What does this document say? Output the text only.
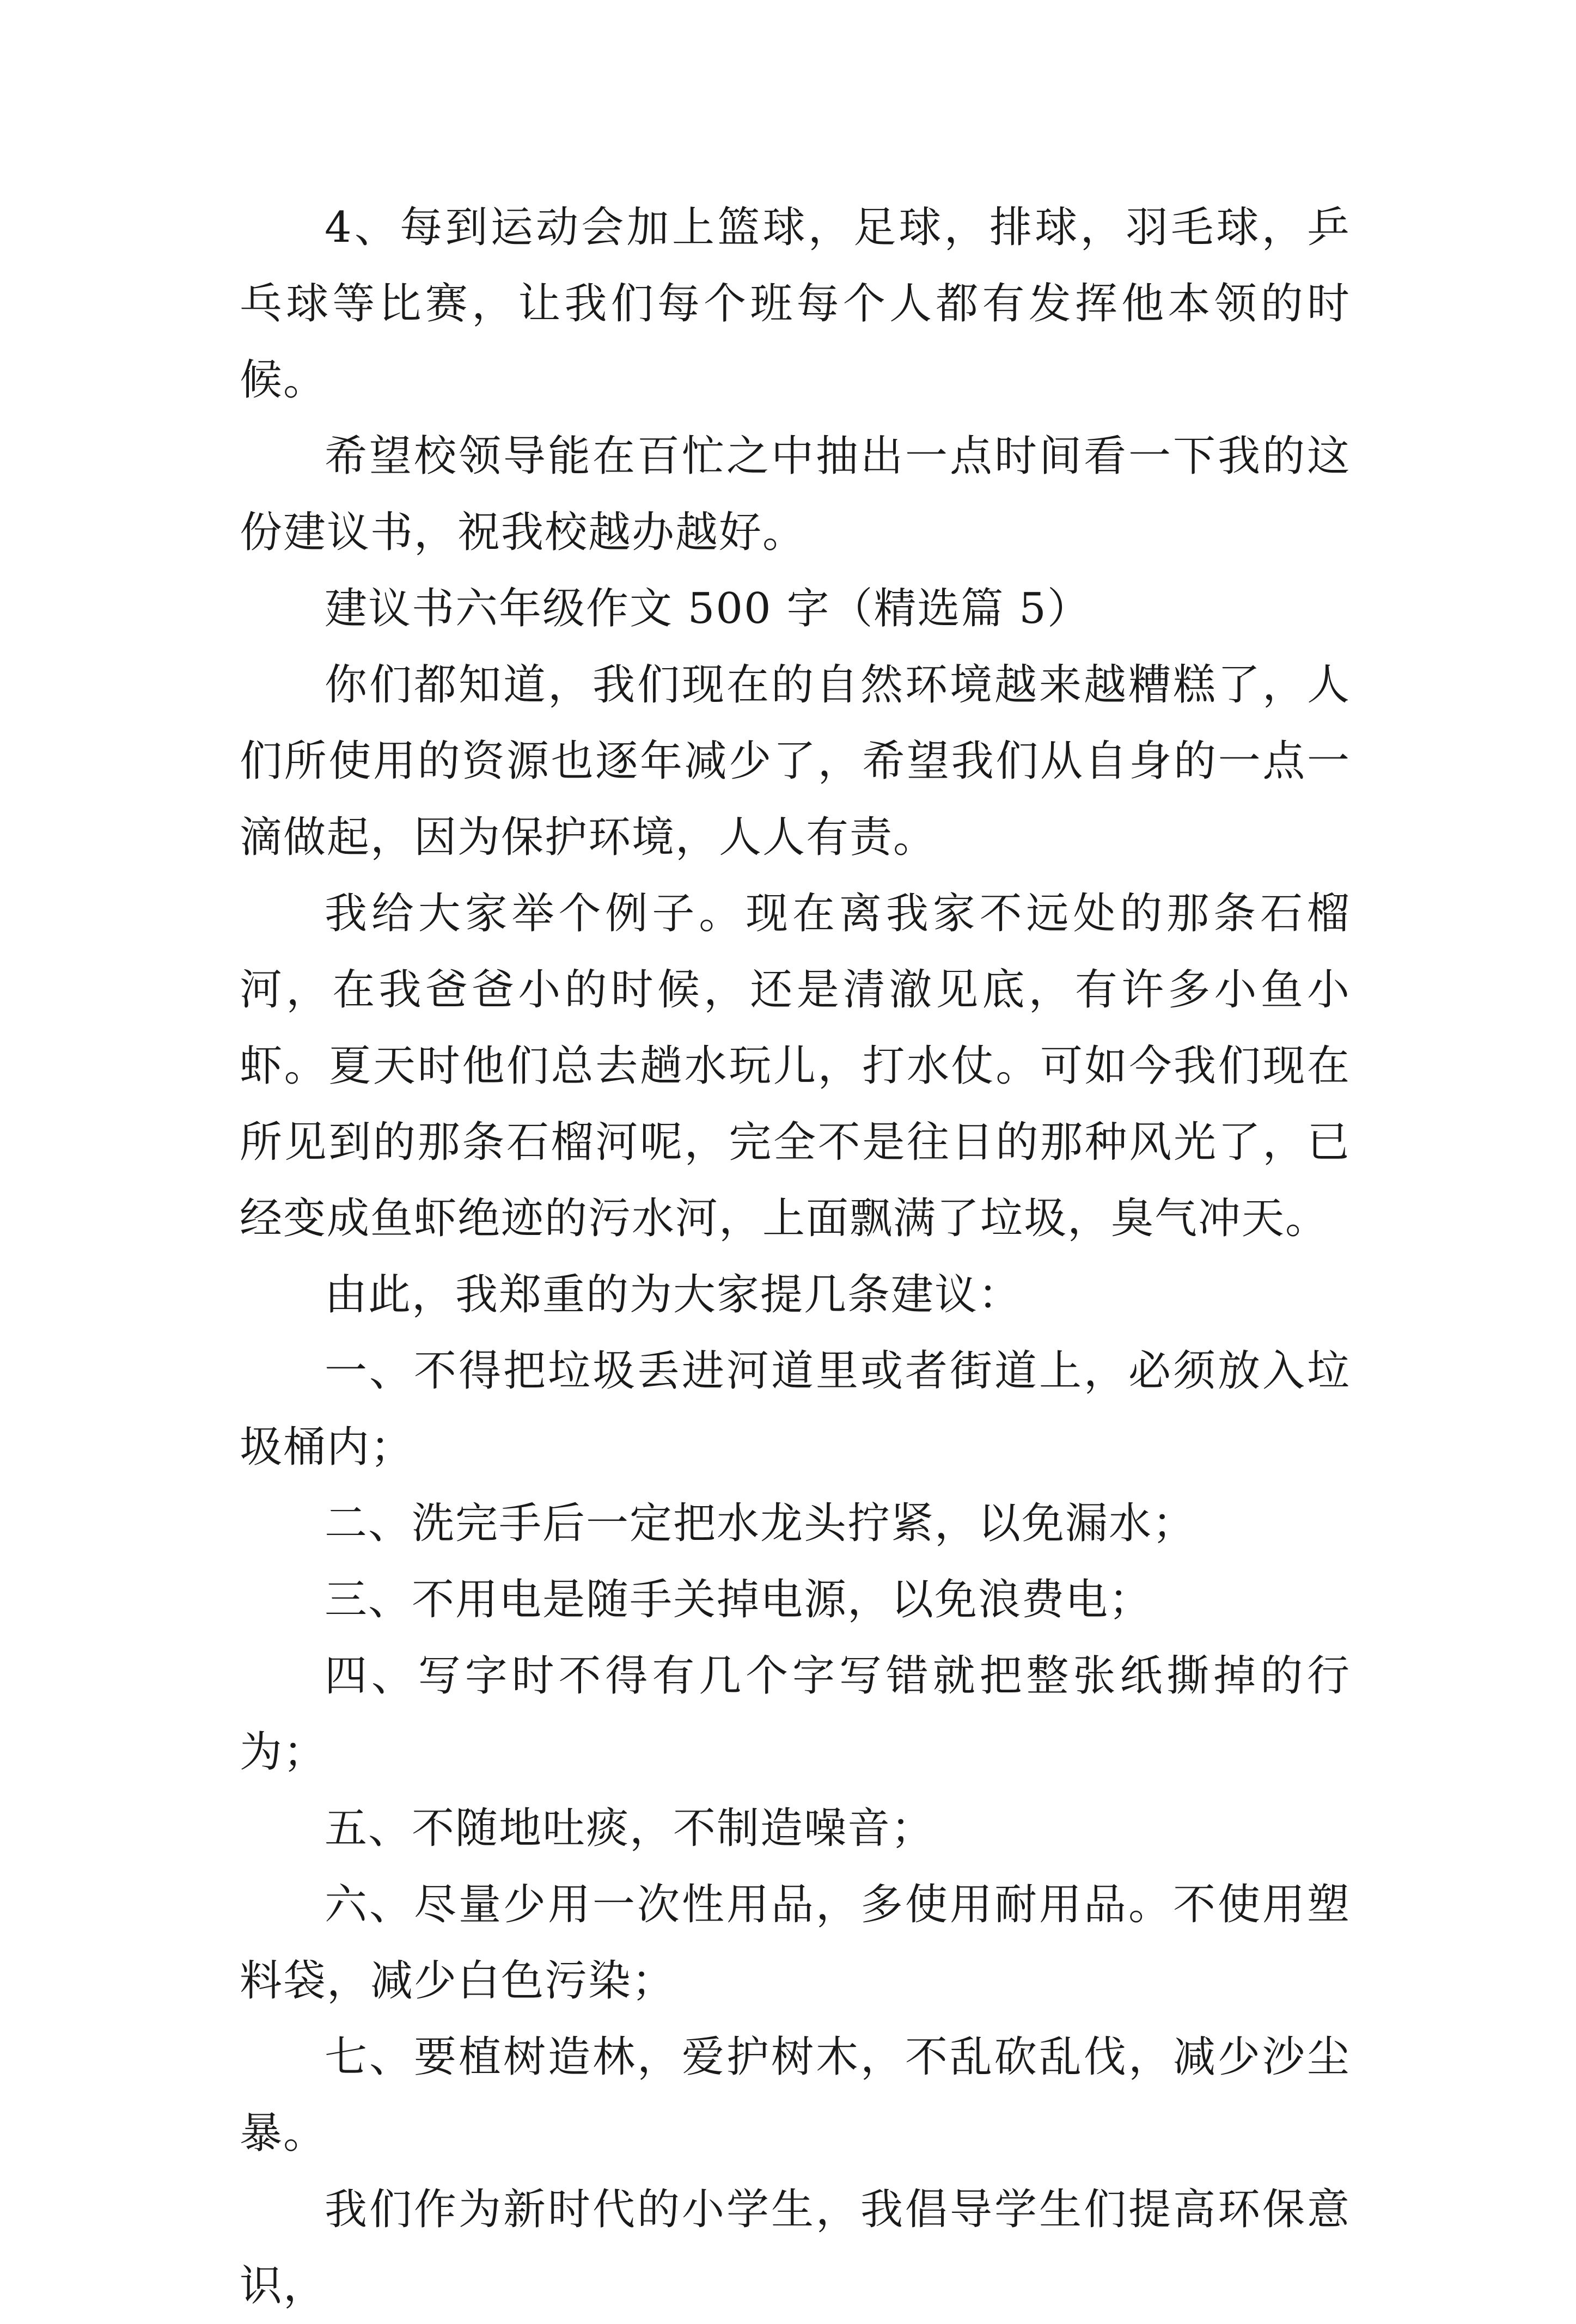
4、每到运动会加上篮球，足球，排球，羽毛球，乒乓球等比赛，让我们每个班每个人都有发挥他本领的时候。

希望校领导能在百忙之中抽出一点时间看一下我的这份建议书，祝我校越办越好。

建议书六年级作文 500 字（精选篇 5）

你们都知道，我们现在的自然环境越来越糟糕了，人们所使用的资源也逐年减少了，希望我们从自身的一点一滴做起，因为保护环境，人人有责。

我给大家举个例子。现在离我家不远处的那条石榴河，在我爸爸小的时候，还是清澈见底，有许多小鱼小虾。夏天时他们总去趟水玩儿，打水仗。可如今我们现在所见到的那条石榴河呢，完全不是往日的那种风光了，已经变成鱼虾绝迹的污水河，上面飘满了垃圾，臭气冲天。

由此，我郑重的为大家提几条建议：

一、不得把垃圾丢进河道里或者街道上，必须放入垃圾桶内；

二、洗完手后一定把水龙头拧紧，以免漏水；

三、不用电是随手关掉电源，以免浪费电；

四、写字时不得有几个字写错就把整张纸撕掉的行为；

五、不随地吐痰，不制造噪音；

六、尽量少用一次性用品，多使用耐用品。不使用塑料袋，减少白色污染；

七、要植树造林，爱护树木，不乱砍乱伐，减少沙尘暴。

我们作为新时代的小学生，我倡导学生们提高环保意识，
